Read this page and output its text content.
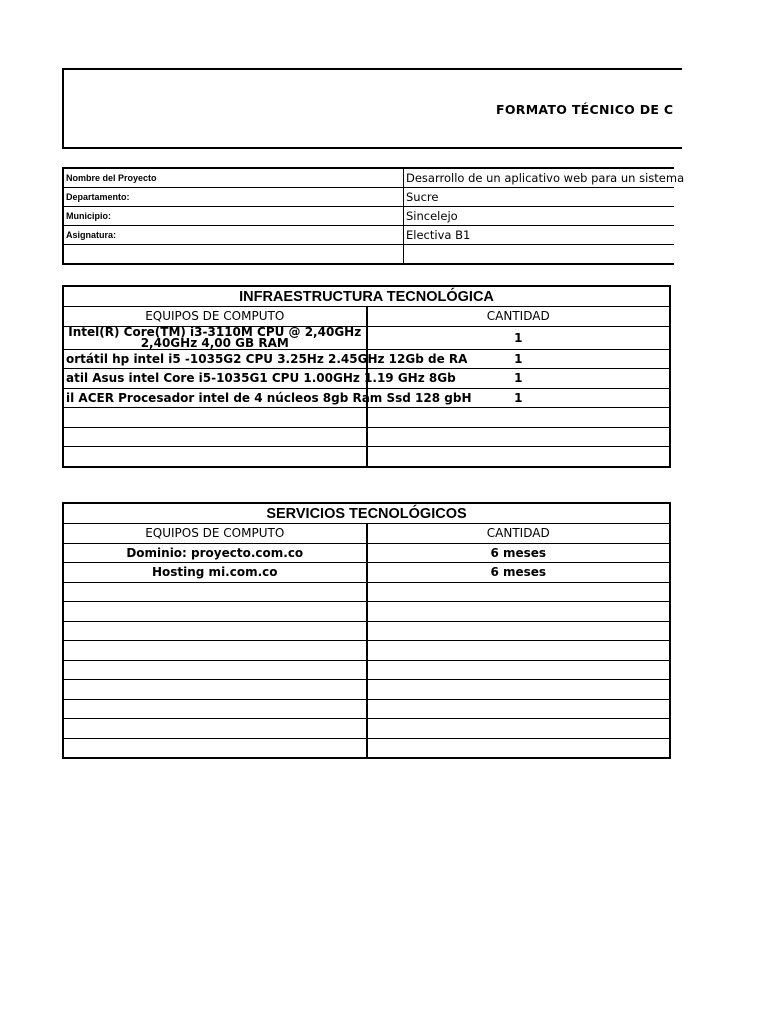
FORMATO TÉCNICO DE C
Nombre del Proyecto	Desarrollo de un aplicativo web para un sistema
Departamento:	Sucre
Municipio:	Sincelejo
Asignatura:	Electiva B1

INFRAESTRUCTURA TECNOLÓGICA	
EQUIPOS DE COMPUTO	CANTIDAD
Intel(R) Core(TM) i3-3110M CPU @ 2,40GHz 2,40GHz 4,00 GB RAM	1
ortátil hp intel i5 -1035G2 CPU 3.25Hz 2.45GHz 12Gb de RA	1
atil Asus intel Core i5-1035G1 CPU 1.00GHz 1.19 GHz 8Gb	1
il ACER Procesador intel de 4 núcleos 8gb Ram Ssd 128 gbH	1

SERVICIOS TECNOLÓGICOS	
EQUIPOS DE COMPUTO	CANTIDAD
Dominio: proyecto.com.co	6 meses
Hosting mi.com.co	6 meses
